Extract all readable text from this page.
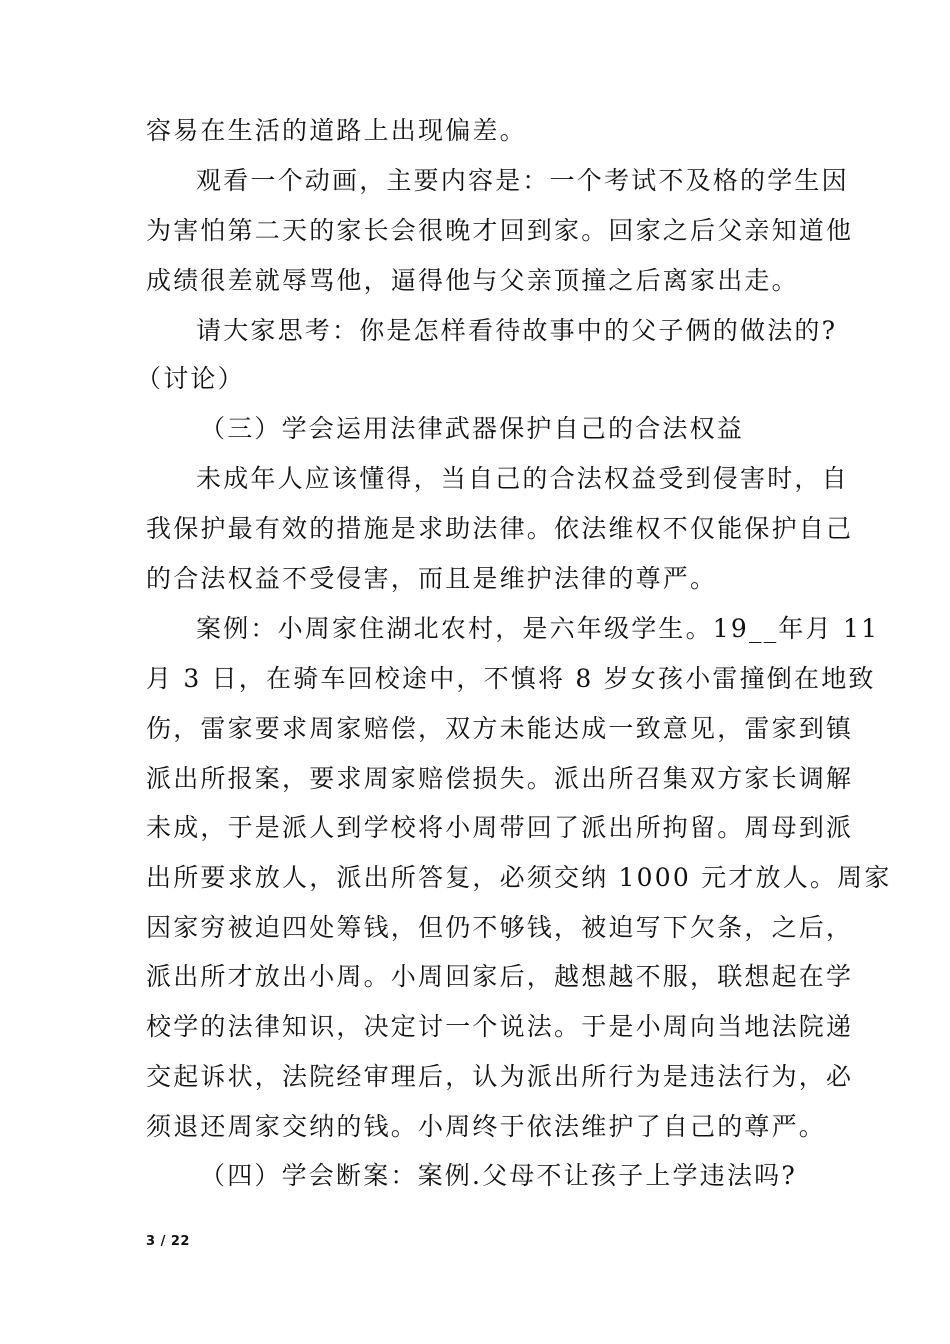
容易在生活的道路上出现偏差。
观看一个动画，主要内容是：一个考试不及格的学生因
为害怕第二天的家长会很晚才回到家。回家之后父亲知道他
成绩很差就辱骂他，逼得他与父亲顶撞之后离家出走。
请大家思考：你是怎样看待故事中的父子俩的做法的?
（讨论）
（三）学会运用法律武器保护自己的合法权益
未成年人应该懂得，当自己的合法权益受到侵害时，自
我保护最有效的措施是求助法律。依法维权不仅能保护自己
的合法权益不受侵害，而且是维护法律的尊严。
案例：小周家住湖北农村，是六年级学生。19__年月 11
月 3 日，在骑车回校途中，不慎将 8 岁女孩小雷撞倒在地致
伤，雷家要求周家赔偿，双方未能达成一致意见，雷家到镇
派出所报案，要求周家赔偿损失。派出所召集双方家长调解
未成，于是派人到学校将小周带回了派出所拘留。周母到派
出所要求放人，派出所答复，必须交纳 1000 元才放人。周家
因家穷被迫四处筹钱，但仍不够钱，被迫写下欠条，之后，
派出所才放出小周。小周回家后，越想越不服，联想起在学
校学的法律知识，决定讨一个说法。于是小周向当地法院递
交起诉状，法院经审理后，认为派出所行为是违法行为，必
须退还周家交纳的钱。小周终于依法维护了自己的尊严。
（四）学会断案：案例.父母不让孩子上学违法吗?
3 / 22
